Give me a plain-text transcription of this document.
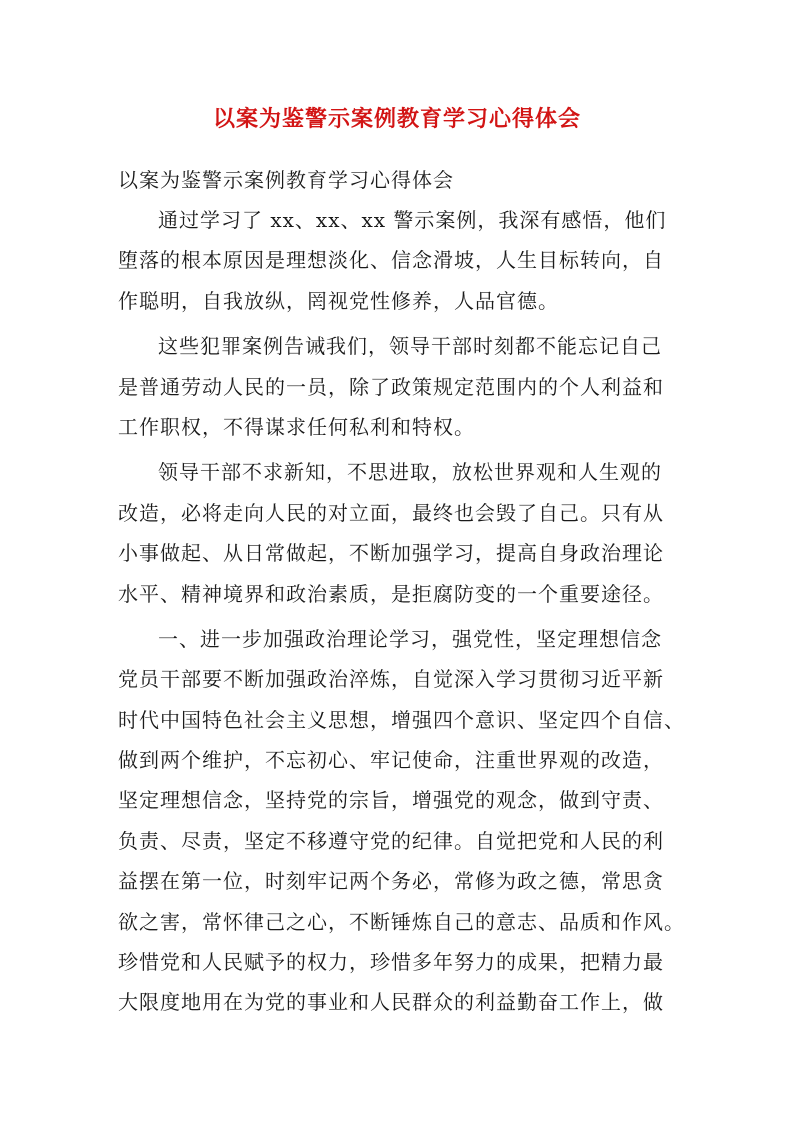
以案为鉴警示案例教育学习心得体会
以案为鉴警示案例教育学习心得体会
通过学习了 xx、xx、xx 警示案例，我深有感悟，他们
堕落的根本原因是理想淡化、信念滑坡，人生目标转向，自
作聪明，自我放纵，罔视党性修养，人品官德。
这些犯罪案例告诫我们，领导干部时刻都不能忘记自己
是普通劳动人民的一员，除了政策规定范围内的个人利益和
工作职权，不得谋求任何私利和特权。
领导干部不求新知，不思进取，放松世界观和人生观的
改造，必将走向人民的对立面，最终也会毁了自己。只有从
小事做起、从日常做起，不断加强学习，提高自身政治理论
水平、精神境界和政治素质，是拒腐防变的一个重要途径。
一、进一步加强政治理论学习，强党性，坚定理想信念
党员干部要不断加强政治淬炼，自觉深入学习贯彻习近平新
时代中国特色社会主义思想，增强四个意识、坚定四个自信、
做到两个维护，不忘初心、牢记使命，注重世界观的改造，
坚定理想信念，坚持党的宗旨，增强党的观念，做到守责、
负责、尽责，坚定不移遵守党的纪律。自觉把党和人民的利
益摆在第一位，时刻牢记两个务必，常修为政之德，常思贪
欲之害，常怀律己之心，不断锤炼自己的意志、品质和作风。
珍惜党和人民赋予的权力，珍惜多年努力的成果，把精力最
大限度地用在为党的事业和人民群众的利益勤奋工作上，做
